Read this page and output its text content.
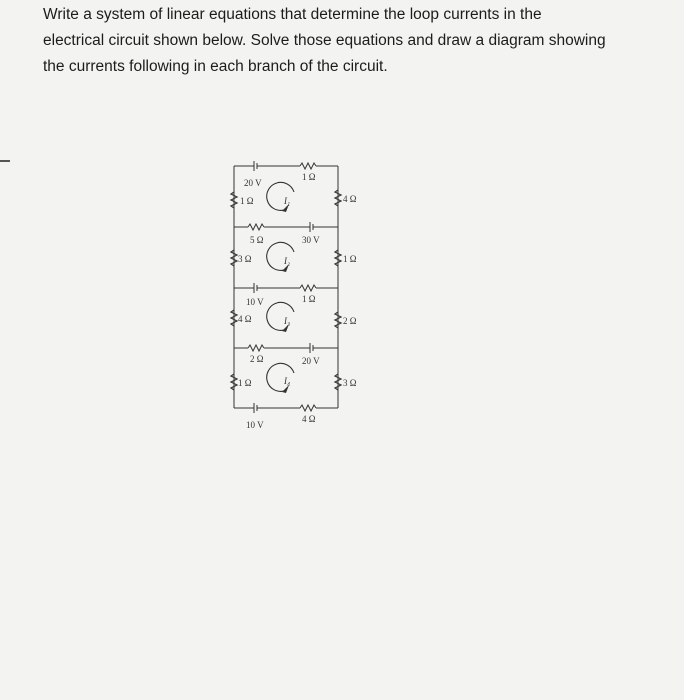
Write a system of linear equations that determine the loop currents in the

electrical circuit shown below. Solve those equations and draw a diagram showing

the currents following in each branch of the circuit.

20 V
1 Ω
1 Ω	4 Ω
I₁
5 Ω	30 V
3 Ω	1 Ω
I₂
10 V	1 Ω
4 Ω	2 Ω
I₃
2 Ω	20 V
1 Ω	3 Ω
I₄
10 V
4 Ω
